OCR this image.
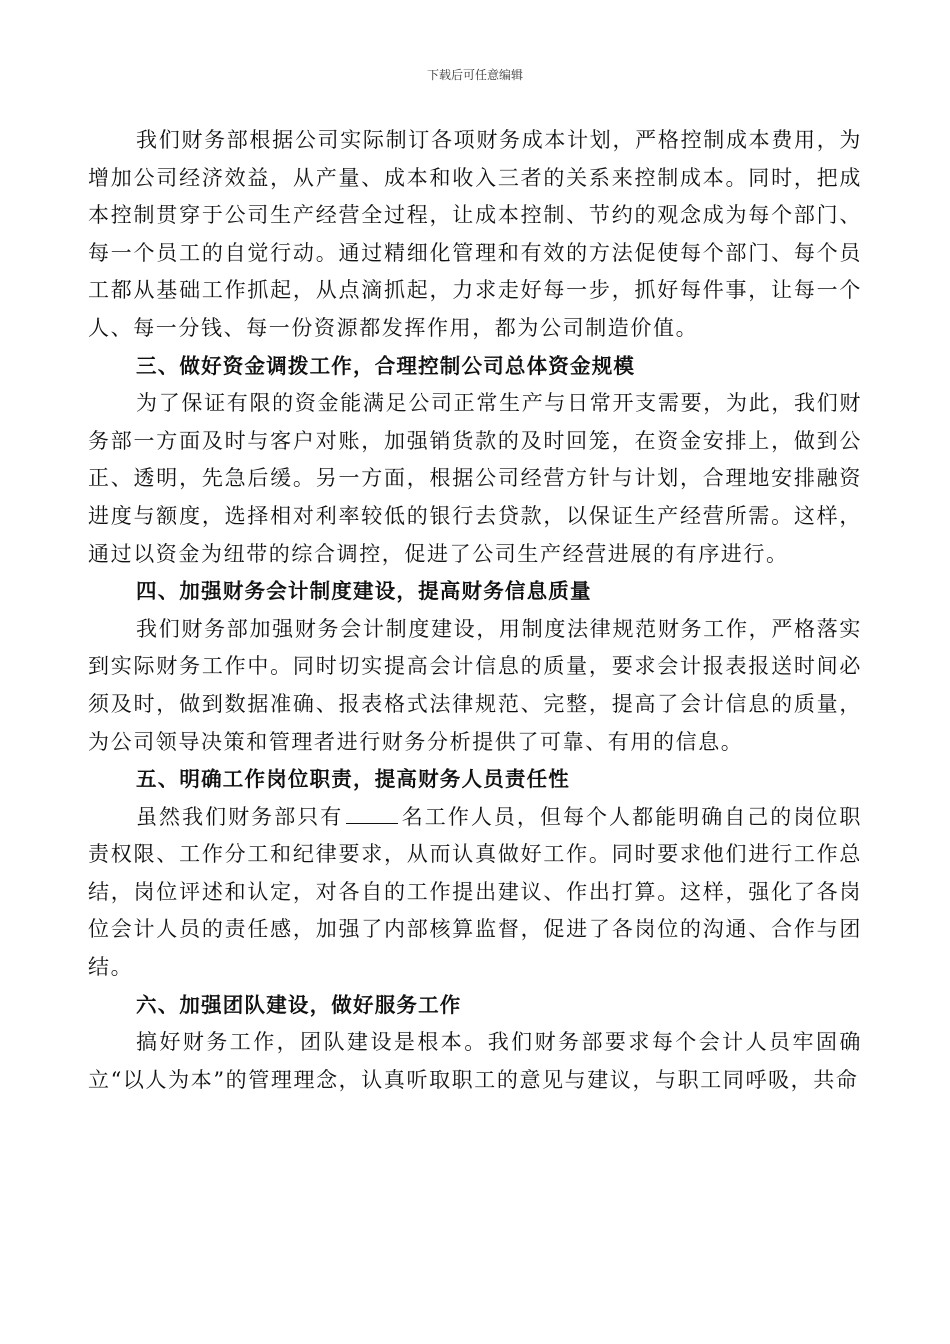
下载后可任意编辑

我们财务部根据公司实际制订各项财务成本计划，严格控制成本费用，为增加公司经济效益，从产量、成本和收入三者的关系来控制成本。同时，把成本控制贯穿于公司生产经营全过程，让成本控制、节约的观念成为每个部门、每一个员工的自觉行动。通过精细化管理和有效的方法促使每个部门、每个员工都从基础工作抓起，从点滴抓起，力求走好每一步，抓好每件事，让每一个人、每一分钱、每一份资源都发挥作用，都为公司制造价值。

三、做好资金调拨工作，合理控制公司总体资金规模

为了保证有限的资金能满足公司正常生产与日常开支需要，为此，我们财务部一方面及时与客户对账，加强销货款的及时回笼，在资金安排上，做到公正、透明，先急后缓。另一方面，根据公司经营方针与计划，合理地安排融资进度与额度，选择相对利率较低的银行去贷款，以保证生产经营所需。这样，通过以资金为纽带的综合调控，促进了公司生产经营进展的有序进行。

四、加强财务会计制度建设，提高财务信息质量

我们财务部加强财务会计制度建设，用制度法律规范财务工作，严格落实到实际财务工作中。同时切实提高会计信息的质量，要求会计报表报送时间必须及时，做到数据准确、报表格式法律规范、完整，提高了会计信息的质量，为公司领导决策和管理者进行财务分析提供了可靠、有用的信息。

五、明确工作岗位职责，提高财务人员责任性

虽然我们财务部只有	名工作人员，但每个人都能明确自己的岗位职责权限、工作分工和纪律要求，从而认真做好工作。同时要求他们进行工作总结，岗位评述和认定，对各自的工作提出建议、作出打算。这样，强化了各岗位会计人员的责任感，加强了内部核算监督，促进了各岗位的沟通、合作与团结。

六、加强团队建设，做好服务工作

搞好财务工作，团队建设是根本。我们财务部要求每个会计人员牢固确立“以人为本”的管理理念，认真听取职工的意见与建议，与职工同呼吸，共命
